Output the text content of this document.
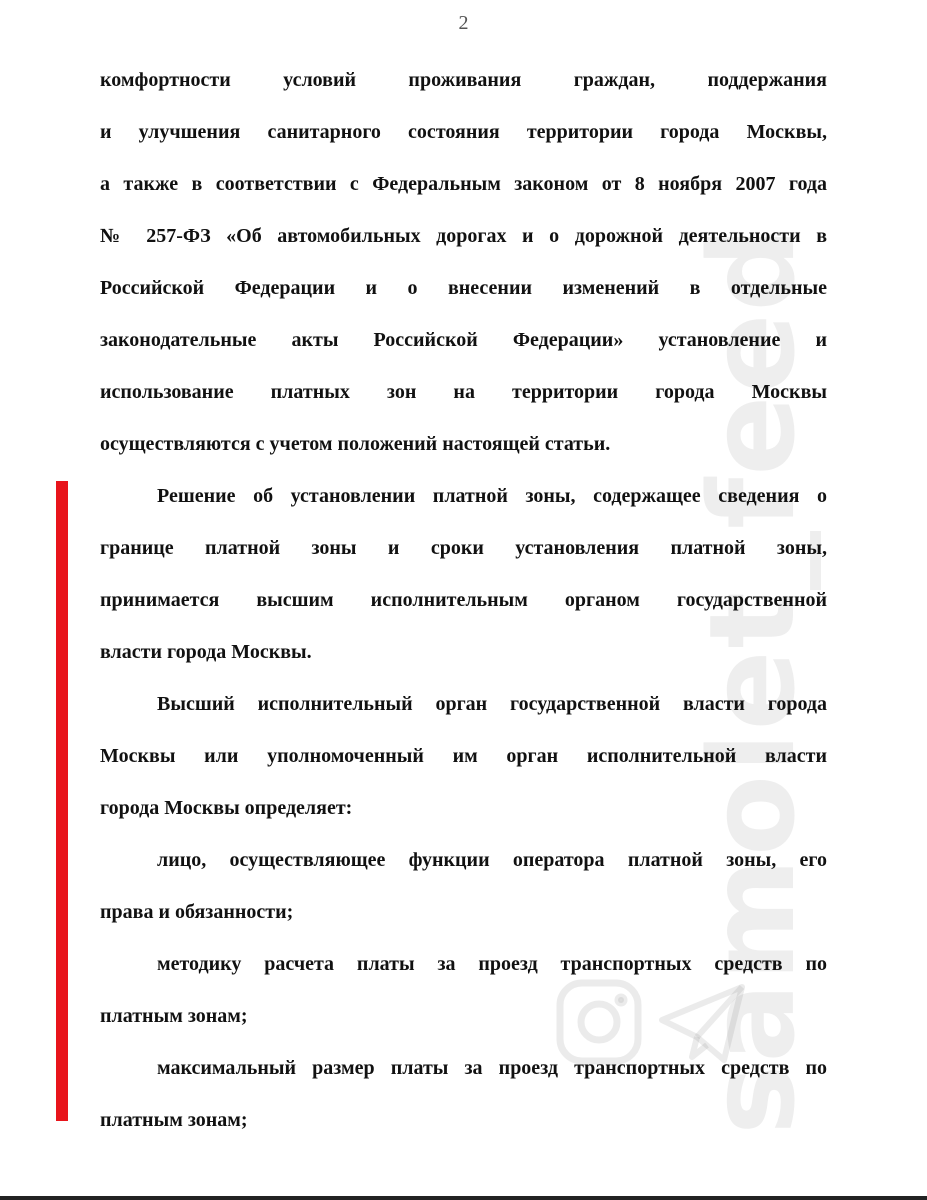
2
samolet_feed
комфортности условий проживания граждан, поддержания
и улучшения санитарного состояния территории города Москвы,
а также в соответствии с Федеральным законом от 8 ноября 2007 года
№ 257-ФЗ «Об автомобильных дорогах и о дорожной деятельности в
Российской Федерации и о внесении изменений в отдельные
законодательные акты Российской Федерации» установление и
использование платных зон на территории города Москвы
осуществляются с учетом положений настоящей статьи.
Решение об установлении платной зоны, содержащее сведения о
границе платной зоны и сроки установления платной зоны,
принимается высшим исполнительным органом государственной
власти города Москвы.
Высший исполнительный орган государственной власти города
Москвы или уполномоченный им орган исполнительной власти
города Москвы определяет:
лицо, осуществляющее функции оператора платной зоны, его
права и обязанности;
методику расчета платы за проезд транспортных средств по
платным зонам;
максимальный размер платы за проезд транспортных средств по
платным зонам;
